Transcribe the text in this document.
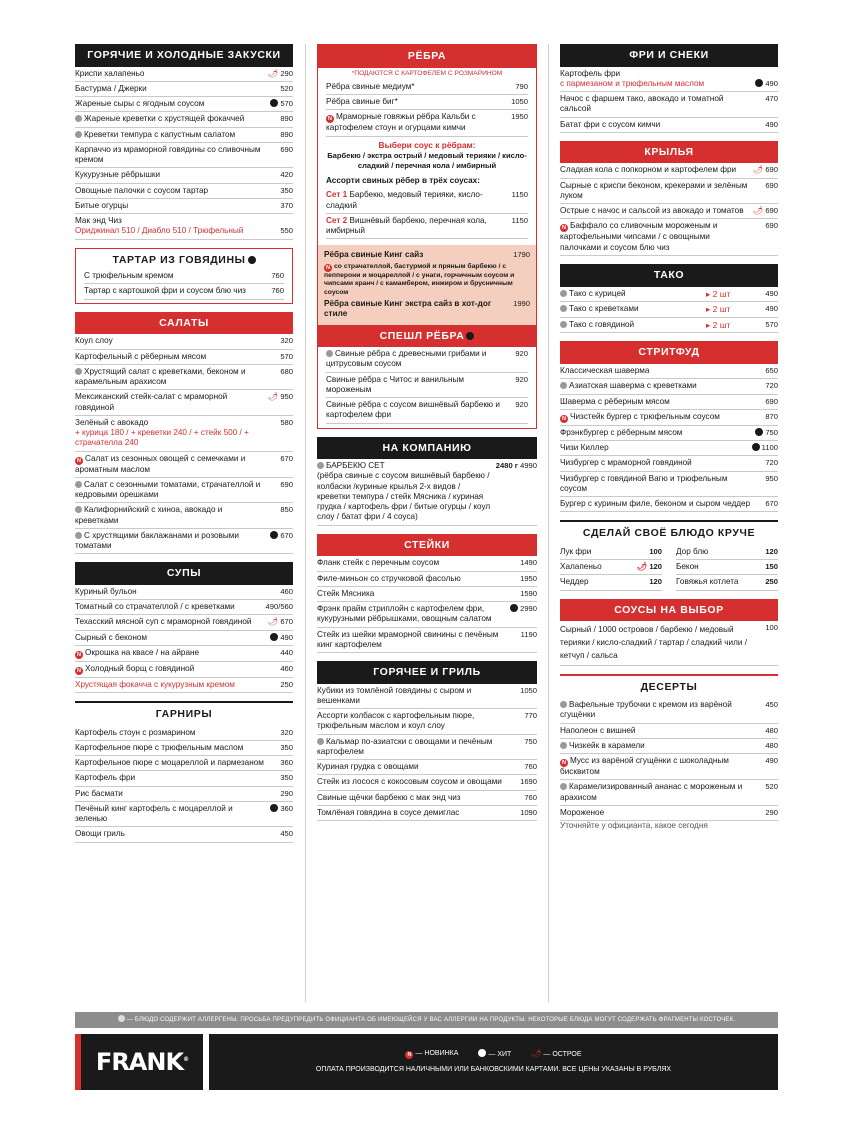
ГОРЯЧИЕ И ХОЛОДНЫЕ ЗАКУСКИ
Криспи халапеньо	🌶 290
Бастурма / Джерки	520
Жареные сыры с ягодным соусом	570
Жареные креветки с хрустящей фокаччей	890
Креветки темпура с капустным салатом	890
Карпаччо из мраморной говядины со сливочным кремом
690
Кукурузные рёбрышки	420
Овощные палочки с соусом тартар	350
Битые огурцы	370
Мак энд Чиз
Ориджинал 510 / Диабло 510 / Трюфельный	550
ТАРТАР ИЗ ГОВЯДИНЫ
С трюфельным кремом	760
Тартар с картошкой фри и соусом блю чиз	760
САЛАТЫ
Коул слоу	320
Картофельный с рёберным мясом	570
Хрустящий салат с креветками, беконом и карамельным арахисом
680
Мексиканский стейк-салат с мраморной говядиной
🌶 950
Зелёный с авокадо
+ курица 180 / + креветки 240 / + стейк 500 / + страчателла 240
580
N Салат из сезонных овощей с семечками и ароматным маслом
670
Салат с сезонными томатами, страчателлой и кедровыми орешками
690
Калифорнийский с хиноа, авокадо и креветками
850
С хрустящими баклажанами и розовыми томатами
670
СУПЫ
Куриный бульон	460
Томатный со страчателлой / с креветками	490/560
Техасский мясной суп с мраморной говядиной	🌶 670
Сырный с беконом	490
N Окрошка на квасе / на айране	440
N Холодный борщ с говядиной	460
Хрустящая фокачча с кукурузным кремом	250
ГАРНИРЫ
Картофель стоун с розмарином	320
Картофельное пюре с трюфельным маслом	350
Картофельное пюре с моцареллой и пармезаном	360
Картофель фри	350
Рис басмати	290
Печёный кинг картофель с моцареллой и зеленью
360
Овощи гриль	450
РЁБРА
*ПОДАЮТСЯ С КАРТОФЕЛЕМ С РОЗМАРИНОМ
Рёбра свиные медиум*	790
Рёбра свиные биг*	1050
N Мраморные говяжьи рёбра Кальби с картофелем стоун и огурцами кимчи
1950
Выбери соус к рёбрам:
Барбекю / экстра острый / медовый терияки / кисло-сладкий / перечная кола / имбирный
Ассорти свиных рёбер в трёх соусах:
Сет 1 Барбекю, медовый терияки, кисло-сладкий
1150
Сет 2 Вишнёвый барбекю, перечная кола, имбирный
1150
Рёбра свиные Кинг сайз	1790
N со страчателлой, бастурмой и пряным барбекю / с пепперони и моцареллой / с унаги, горчичным соусом и чипсами кранч / с камамбером, инжиром и брусничным соусом
Рёбра свиные Кинг экстра сайз в хот-дог стиле
1990
СПЕШЛ РЁБРА
Свиные рёбра с древесными грибами и цитрусовым соусом
920
Свиные рёбра с Читос и ванильным мороженым
920
Свиные рёбра с соусом вишнёвый барбекю и картофелем фри
920
НА КОМПАНИЮ
БАРБЕКЮ СЕТ
(рёбра свиные с соусом вишнёвый барбекю / колбаски /куриные крылья 2-х видов / креветки темпура / стейк Мясника / куриная грудка / картофель фри / битые огурцы / коул слоу / батат фри / 4 соуса)
2480 г 4990
СТЕЙКИ
Фланк стейк с перечным соусом	1490
Филе-миньон со стручковой фасолью	1950
Стейк Мясника	1590
Фрэнк прайм стриплойн с картофелем фри, кукурузными рёбрышками, овощным салатом
2990
Стейк из шейки мраморной свинины с печёным кинг картофелем
1190
ГОРЯЧЕЕ И ГРИЛЬ
Кубики из томлёной говядины с сыром и вешенками
1050
Ассорти колбасок с картофельным пюре, трюфельным маслом и коул слоу
770
Кальмар по-азиатски с овощами и печёным картофелем
750
Куриная грудка с овощами	760
Стейк из лосося с кокосовым соусом и овощами	1690
Свиные щёчки барбекю с мак энд чиз	760
Томлёная говядина в соусе демиглас	1090
ФРИ И СНЕКИ
Картофель фри
с пармезаном и трюфельным маслом	490
Начос с фаршем тако, авокадо и томатной сальсой
470
Батат фри с соусом кимчи	490
КРЫЛЬЯ
Сладкая кола с попкорном и картофелем фри	🌶 690
Сырные с криспи беконом, крекерами и зелёным луком
690
Острые с начос и сальсой из авокадо и томатов	🌶 690
N Баффало со сливочным мороженым и картофельными чипсами / с овощными палочками и соусом блю чиз
690
ТАКО
Тако с курицей	▸ 2 шт	490
Тако с креветками	▸ 2 шт	490
Тако с говядиной	▸ 2 шт	570
СТРИТФУД
Классическая шаверма	650
Азиатская шаверма с креветками	720
Шаверма с рёберным мясом	690
N Чизстейк бургер с трюфельным соусом	870
Фрэнкбургер с рёберным мясом	750
Чизи Киллер	1100
Чизбургер с мраморной говядиной	720
Чизбургер с говядиной Вагю и трюфельным соусом
950
Бургер с куриным филе, беконом и сыром чеддер	670
СДЕЛАЙ СВОЁ БЛЮДО КРУЧЕ
Лук фри	100
Халапеньо	🌶 120
Чеддер	120
Дор блю	120
Бекон	150
Говяжья котлета	250
СОУСЫ НА ВЫБОР
Сырный / 1000 островов / барбекю / медовый терияки / кисло-сладкий / тартар / сладкий чили / кетчуп / сальса
100
ДЕСЕРТЫ
Вафельные трубочки с кремом из варёной сгущёнки
450
Наполеон с вишней	480
Чизкейк в карамели	480
N Мусс из варёной сгущёнки с шоколадным бисквитом
490
Карамелизированный ананас с мороженым и арахисом
520
Мороженое	290
Уточняйте у официанта, какое сегодня
— БЛЮДО СОДЕРЖИТ АЛЛЕРГЕНЫ. ПРОСЬБА ПРЕДУПРЕДИТЬ ОФИЦИАНТА ОБ ИМЕЮЩЕЙСЯ У ВАС АЛЛЕРГИИ НА ПРОДУКТЫ. НЕКОТОРЫЕ БЛЮДА МОГУТ СОДЕРЖАТЬ ФРАГМЕНТЫ КОСТОЧЕК.
FRANK®
N — НОВИНКА	— ХИТ	🌶 — ОСТРОЕ
ОПЛАТА ПРОИЗВОДИТСЯ НАЛИЧНЫМИ ИЛИ БАНКОВСКИМИ КАРТАМИ. ВСЕ ЦЕНЫ УКАЗАНЫ В РУБЛЯХ
